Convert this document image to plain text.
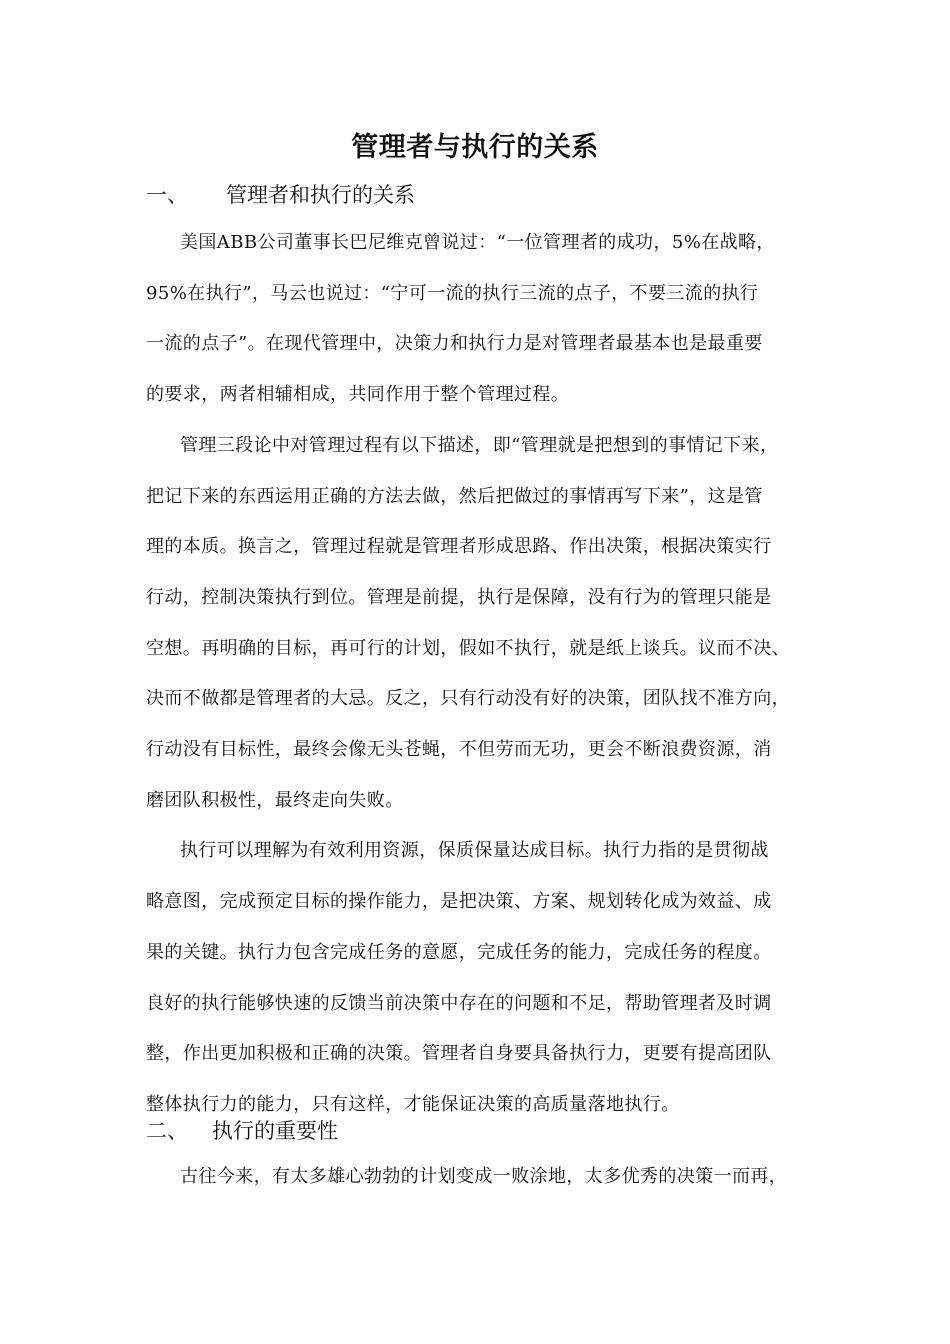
管理者与执行的关系
一、 管理者和执行的关系
美国ABB公司董事长巴尼维克曾说过：“一位管理者的成功，5%在战略，
95%在执行”，马云也说过：“宁可一流的执行三流的点子，不要三流的执行
一流的点子”。在现代管理中，决策力和执行力是对管理者最基本也是最重要
的要求，两者相辅相成，共同作用于整个管理过程。
管理三段论中对管理过程有以下描述，即“管理就是把想到的事情记下来，
把记下来的东西运用正确的方法去做，然后把做过的事情再写下来”，这是管
理的本质。换言之，管理过程就是管理者形成思路、作出决策，根据决策实行
行动，控制决策执行到位。管理是前提，执行是保障，没有行为的管理只能是
空想。再明确的目标，再可行的计划，假如不执行，就是纸上谈兵。议而不决、
决而不做都是管理者的大忌。反之，只有行动没有好的决策，团队找不准方向，
行动没有目标性，最终会像无头苍蝇，不但劳而无功，更会不断浪费资源，消
磨团队积极性，最终走向失败。
执行可以理解为有效利用资源，保质保量达成目标。执行力指的是贯彻战
略意图，完成预定目标的操作能力，是把决策、方案、规划转化成为效益、成
果的关键。执行力包含完成任务的意愿，完成任务的能力，完成任务的程度。
良好的执行能够快速的反馈当前决策中存在的问题和不足，帮助管理者及时调
整，作出更加积极和正确的决策。管理者自身要具备执行力，更要有提高团队
整体执行力的能力，只有这样，才能保证决策的高质量落地执行。
二、 执行的重要性
古往今来，有太多雄心勃勃的计划变成一败涂地，太多优秀的决策一而再，
